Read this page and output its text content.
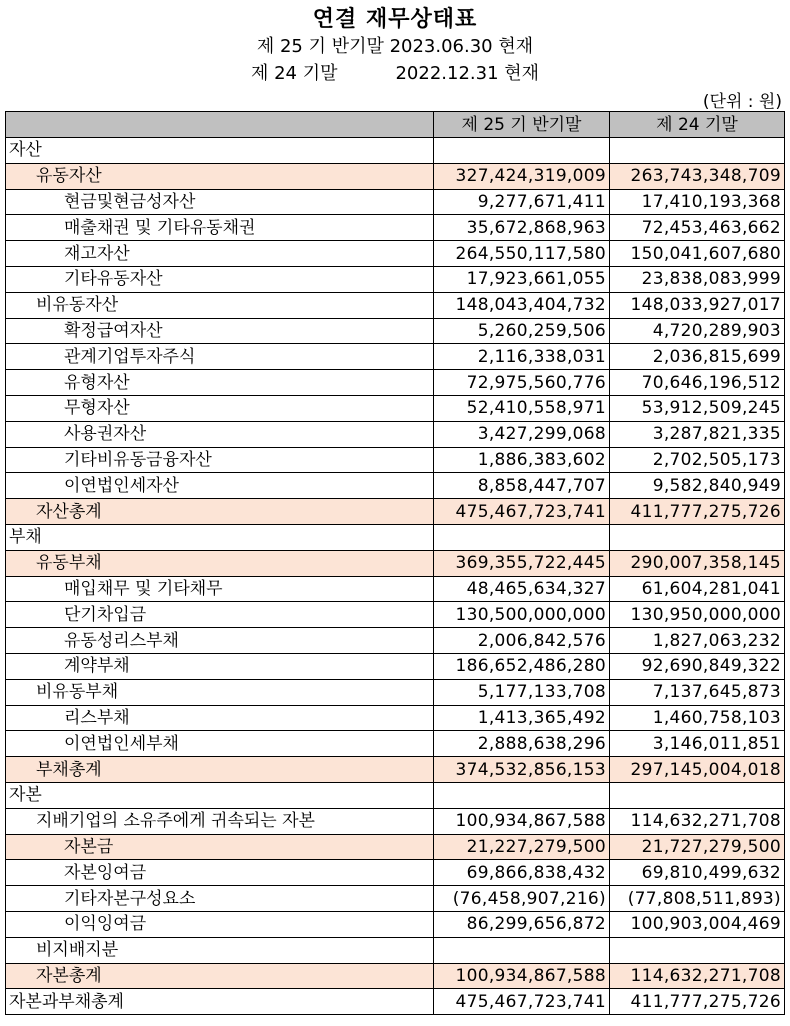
연결 재무상태표
제 25 기 반기말 2023.06.30 현재
제 24 기말	2022.12.31 현재
(단위 : 원)
	제 25 기 반기말	제 24 기말
자산		
유동자산	327,424,319,009	263,743,348,709
현금및현금성자산	9,277,671,411	17,410,193,368
매출채권 및 기타유동채권	35,672,868,963	72,453,463,662
재고자산	264,550,117,580	150,041,607,680
기타유동자산	17,923,661,055	23,838,083,999
비유동자산	148,043,404,732	148,033,927,017
확정급여자산	5,260,259,506	4,720,289,903
관계기업투자주식	2,116,338,031	2,036,815,699
유형자산	72,975,560,776	70,646,196,512
무형자산	52,410,558,971	53,912,509,245
사용권자산	3,427,299,068	3,287,821,335
기타비유동금융자산	1,886,383,602	2,702,505,173
이연법인세자산	8,858,447,707	9,582,840,949
자산총계	475,467,723,741	411,777,275,726
부채		
유동부채	369,355,722,445	290,007,358,145
매입채무 및 기타채무	48,465,634,327	61,604,281,041
단기차입금	130,500,000,000	130,950,000,000
유동성리스부채	2,006,842,576	1,827,063,232
계약부채	186,652,486,280	92,690,849,322
비유동부채	5,177,133,708	7,137,645,873
리스부채	1,413,365,492	1,460,758,103
이연법인세부채	2,888,638,296	3,146,011,851
부채총계	374,532,856,153	297,145,004,018
자본		
지배기업의 소유주에게 귀속되는 자본	100,934,867,588	114,632,271,708
자본금	21,227,279,500	21,727,279,500
자본잉여금	69,866,838,432	69,810,499,632
기타자본구성요소	(76,458,907,216)	(77,808,511,893)
이익잉여금	86,299,656,872	100,903,004,469
비지배지분		
자본총계	100,934,867,588	114,632,271,708
자본과부채총계	475,467,723,741	411,777,275,726
